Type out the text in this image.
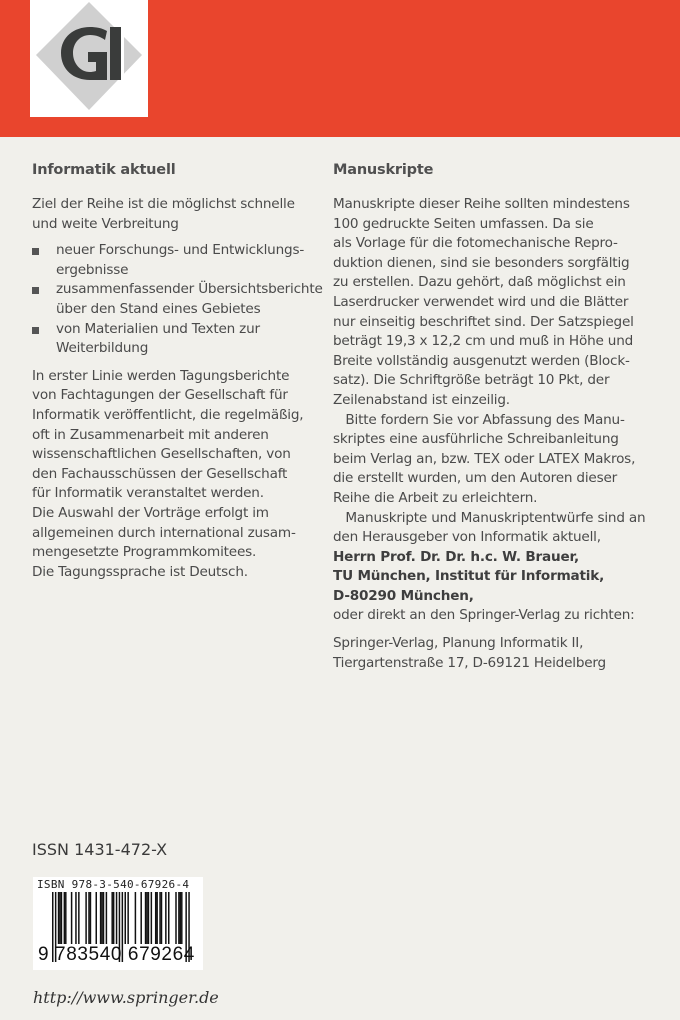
Informatik aktuell
Ziel der Reihe ist die möglichst schnelle
und weite Verbreitung
neuer Forschungs- und Entwicklungs-
ergebnisse
zusammenfassender Übersichtsberichte
über den Stand eines Gebietes
von Materialien und Texten zur
Weiterbildung
In erster Linie werden Tagungsberichte
von Fachtagungen der Gesellschaft für
Informatik veröffentlicht, die regelmäßig,
oft in Zusammenarbeit mit anderen
wissenschaftlichen Gesellschaften, von
den Fachausschüssen der Gesellschaft
für Informatik veranstaltet werden.
Die Auswahl der Vorträge erfolgt im
allgemeinen durch international zusam-
mengesetzte Programmkomitees.
Die Tagungssprache ist Deutsch.
Manuskripte
Manuskripte dieser Reihe sollten mindestens
100 gedruckte Seiten umfassen. Da sie
als Vorlage für die fotomechanische Repro-
duktion dienen, sind sie besonders sorgfältig
zu erstellen. Dazu gehört, daß möglichst ein
Laserdrucker verwendet wird und die Blätter
nur einseitig beschriftet sind. Der Satzspiegel
beträgt 19,3 x 12,2 cm und muß in Höhe und
Breite vollständig ausgenutzt werden (Block-
satz). Die Schriftgröße beträgt 10 Pkt, der
Zeilenabstand ist einzeilig.
Bitte fordern Sie vor Abfassung des Manu-
skriptes eine ausführliche Schreibanleitung
beim Verlag an, bzw. TEX oder LATEX Makros,
die erstellt wurden, um den Autoren dieser
Reihe die Arbeit zu erleichtern.
Manuskripte und Manuskriptentwürfe sind an
den Herausgeber von Informatik aktuell,
Herrn Prof. Dr. Dr. h.c. W. Brauer,
TU München, Institut für Informatik,
D-80290 München,
oder direkt an den Springer-Verlag zu richten:
Springer-Verlag, Planung Informatik II,
Tiergartenstraße 17, D-69121 Heidelberg
ISSN 1431-472-X
ISBN 978-3-540-67926-4
9 783540 679264
http://www.springer.de
